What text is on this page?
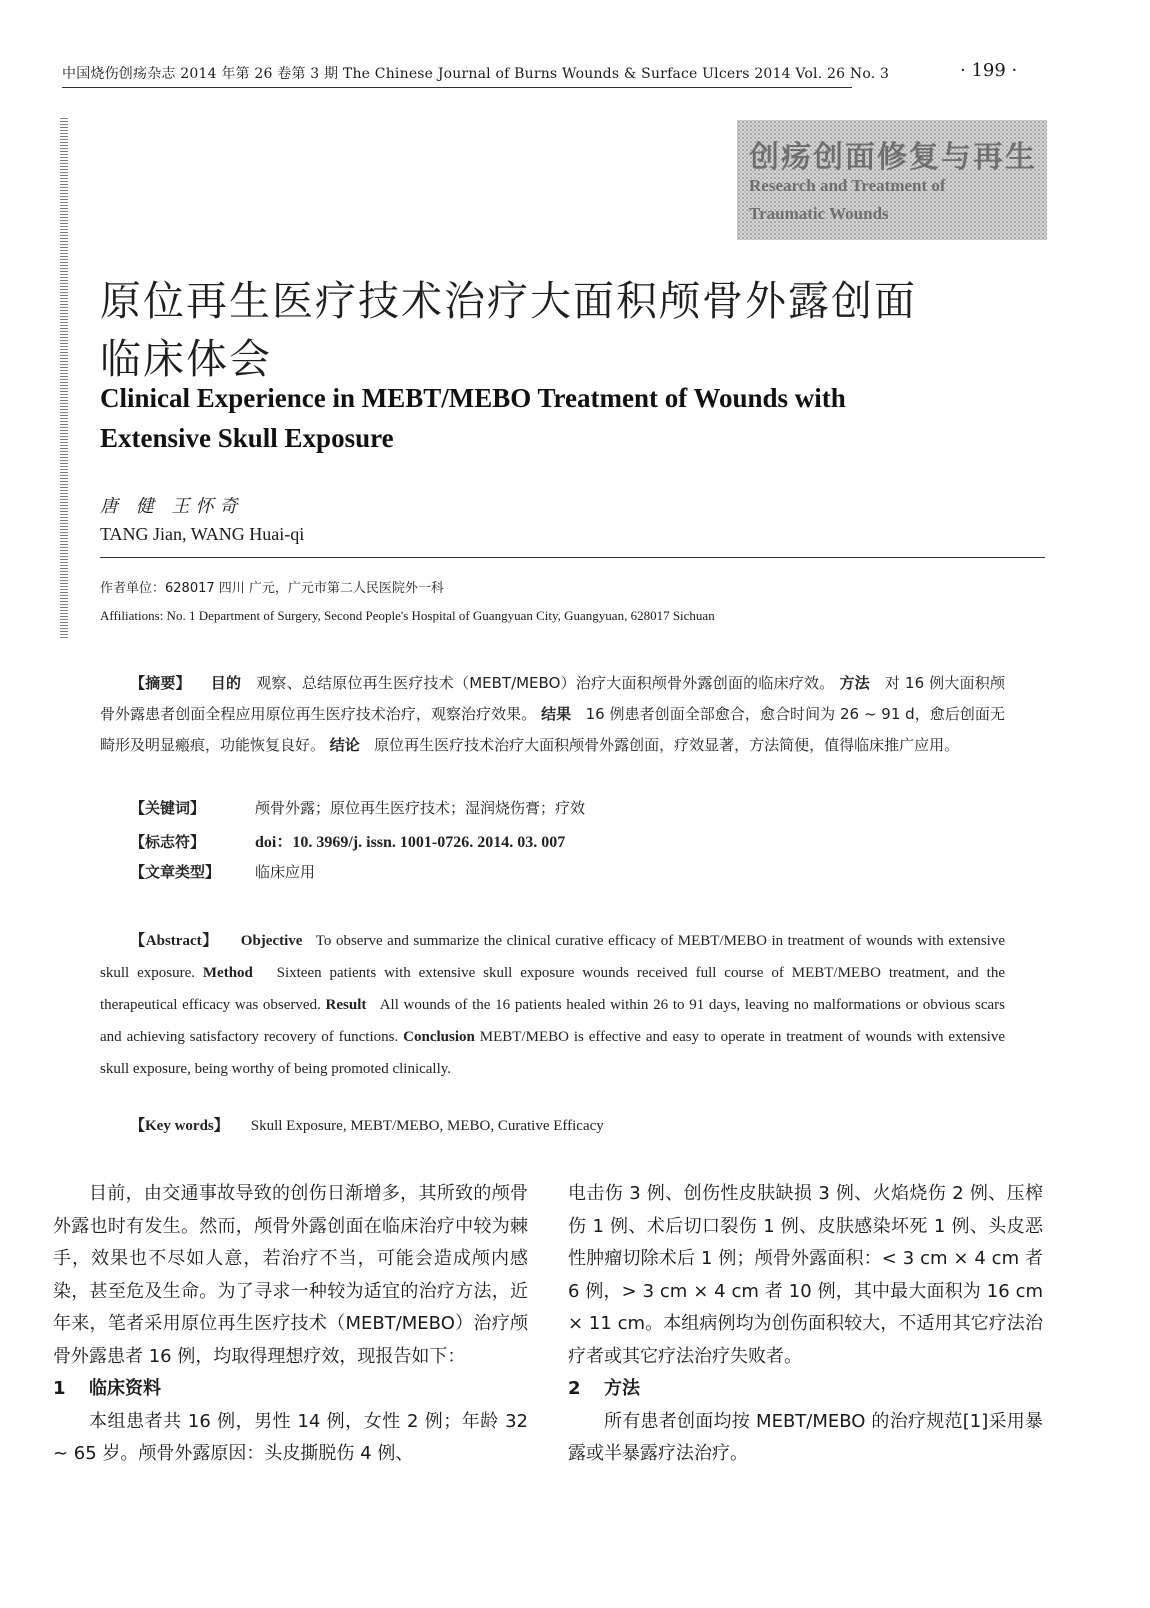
中国烧伤创疡杂志 2014 年第 26 卷第 3 期 The Chinese Journal of Burns Wounds & Surface Ulcers 2014 Vol. 26 No. 3	· 199 ·
创疡创面修复与再生
Research and Treatment of
Traumatic Wounds
原位再生医疗技术治疗大面积颅骨外露创面临床体会
Clinical Experience in MEBT/MEBO Treatment of Wounds with Extensive Skull Exposure
唐 健 王怀奇
TANG Jian, WANG Huai-qi
作者单位：628017 四川 广元，广元市第二人民医院外一科
Affiliations: No. 1 Department of Surgery, Second People's Hospital of Guangyuan City, Guangyuan, 628017 Sichuan
【摘要】 目的 观察、总结原位再生医疗技术（MEBT/MEBO）治疗大面积颅骨外露创面的临床疗效。 方法 对 16 例大面积颅骨外露患者创面全程应用原位再生医疗技术治疗，观察治疗效果。 结果 16 例患者创面全部愈合，愈合时间为 26 ~ 91 d，愈后创面无畸形及明显瘢痕，功能恢复良好。 结论 原位再生医疗技术治疗大面积颅骨外露创面，疗效显著，方法简便，值得临床推广应用。
【关键词】	颅骨外露；原位再生医疗技术；湿润烧伤膏；疗效
【标志符】	doi：10. 3969/j. issn. 1001-0726. 2014. 03. 007
【文章类型】 临床应用
【Abstract】 Objective To observe and summarize the clinical curative efficacy of MEBT/MEBO in treatment of wounds with extensive skull exposure. Method Sixteen patients with extensive skull exposure wounds received full course of MEBT/MEBO treatment, and the therapeutical efficacy was observed. Result All wounds of the 16 patients healed within 26 to 91 days, leaving no malformations or obvious scars and achieving satisfactory recovery of functions. Conclusion MEBT/MEBO is effective and easy to operate in treatment of wounds with extensive skull exposure, being worthy of being promoted clinically.
【Key words】 Skull Exposure, MEBT/MEBO, MEBO, Curative Efficacy

目前，由交通事故导致的创伤日渐增多，其所致的颅骨外露也时有发生。然而，颅骨外露创面在临床治疗中较为棘手，效果也不尽如人意，若治疗不当，可能会造成颅内感染，甚至危及生命。为了寻求一种较为适宜的治疗方法，近年来，笔者采用原位再生医疗技术（MEBT/MEBO）治疗颅骨外露患者 16 例，均取得理想疗效，现报告如下：

1 临床资料

本组患者共 16 例，男性 14 例，女性 2 例；年龄 32 ~ 65 岁。颅骨外露原因：头皮撕脱伤 4 例、

电击伤 3 例、创伤性皮肤缺损 3 例、火焰烧伤 2 例、压榨伤 1 例、术后切口裂伤 1 例、皮肤感染坏死 1 例、头皮恶性肿瘤切除术后 1 例；颅骨外露面积：< 3 cm × 4 cm 者 6 例，> 3 cm × 4 cm 者 10 例，其中最大面积为 16 cm × 11 cm。本组病例均为创伤面积较大，不适用其它疗法治疗者或其它疗法治疗失败者。

2 方法

所有患者创面均按 MEBT/MEBO 的治疗规范[1]采用暴露或半暴露疗法治疗。
